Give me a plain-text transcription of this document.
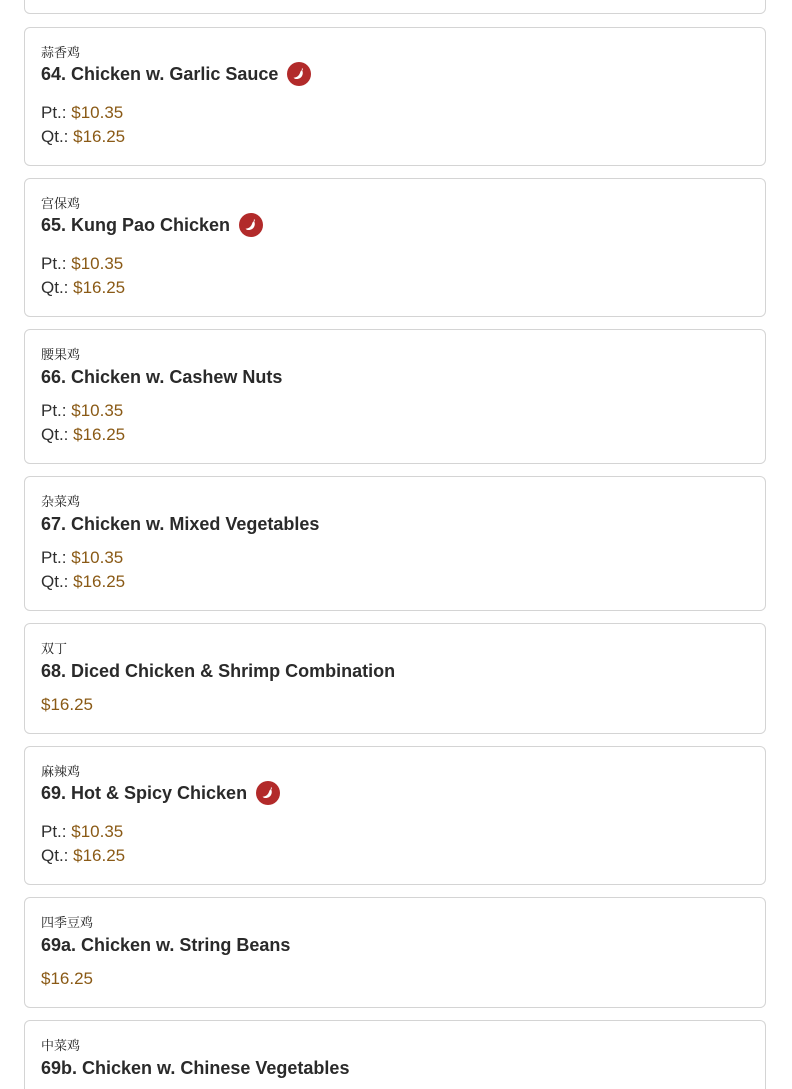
蒜香鸡
64. Chicken w. Garlic Sauce
Pt.: $10.35
Qt.: $16.25
宫保鸡
65. Kung Pao Chicken
Pt.: $10.35
Qt.: $16.25
腰果鸡
66. Chicken w. Cashew Nuts
Pt.: $10.35
Qt.: $16.25
杂菜鸡
67. Chicken w. Mixed Vegetables
Pt.: $10.35
Qt.: $16.25
双丁
68. Diced Chicken & Shrimp Combination
$16.25
麻辣鸡
69. Hot & Spicy Chicken
Pt.: $10.35
Qt.: $16.25
四季豆鸡
69a. Chicken w. String Beans
$16.25
中菜鸡
69b. Chicken w. Chinese Vegetables
